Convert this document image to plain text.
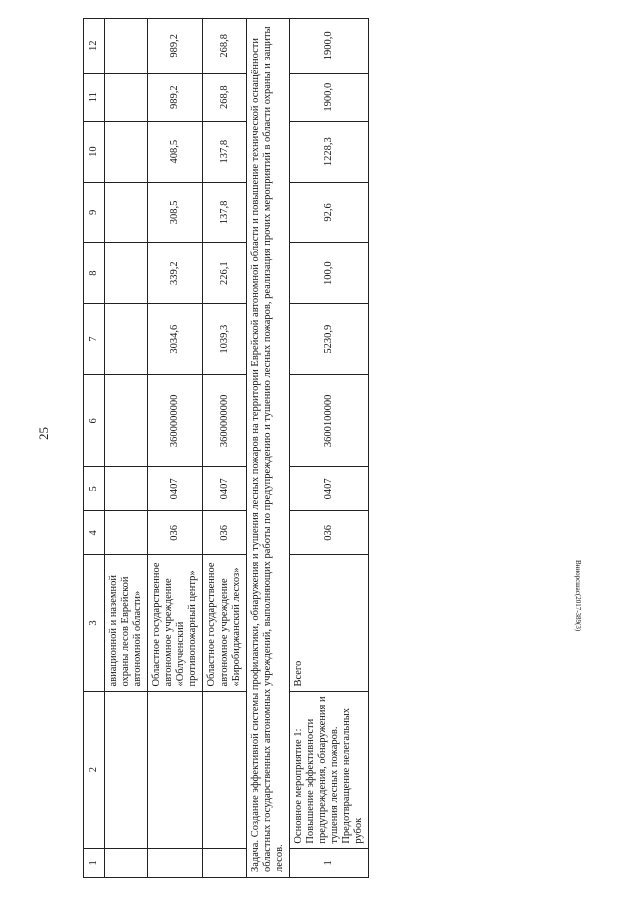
25
Вниорсшас(2017-389(3)
1	2	3	4	5	6	7	8	9	10	11	12
		авиационной и наземной охраны лесов Еврейской автономной области»									
		Областное государственное автономное учреждение «Облученский противопожарный центр»	036	0407	3600000000	3034,6	339,2	308,5	408,5	989,2	989,2
		Областное государственное автономное учреждение «Биробиджанский лесхоз»	036	0407	3600000000	1039,3	226,1	137,8	137,8	268,8	268,8
Задача. Создание эффективной системы профилактики, обнаружения и тушения лесных пожаров на территории Еврейской автономной области и повышение технической оснащённости областных государственных автономных учреждений, выполняющих работы по предупреждению и тушению лесных пожаров, реализация прочих мероприятий в области охраны и защиты лесов.											
1	Основное мероприятие 1: Повышение эффективности предупреждения, обнаружения и тушения лесных пожаров. Предотвращение нелегальных рубок	Всего	036	0407	3600100000	5230,9	100,0	92,6	1228,3	1900,0	1900,0
